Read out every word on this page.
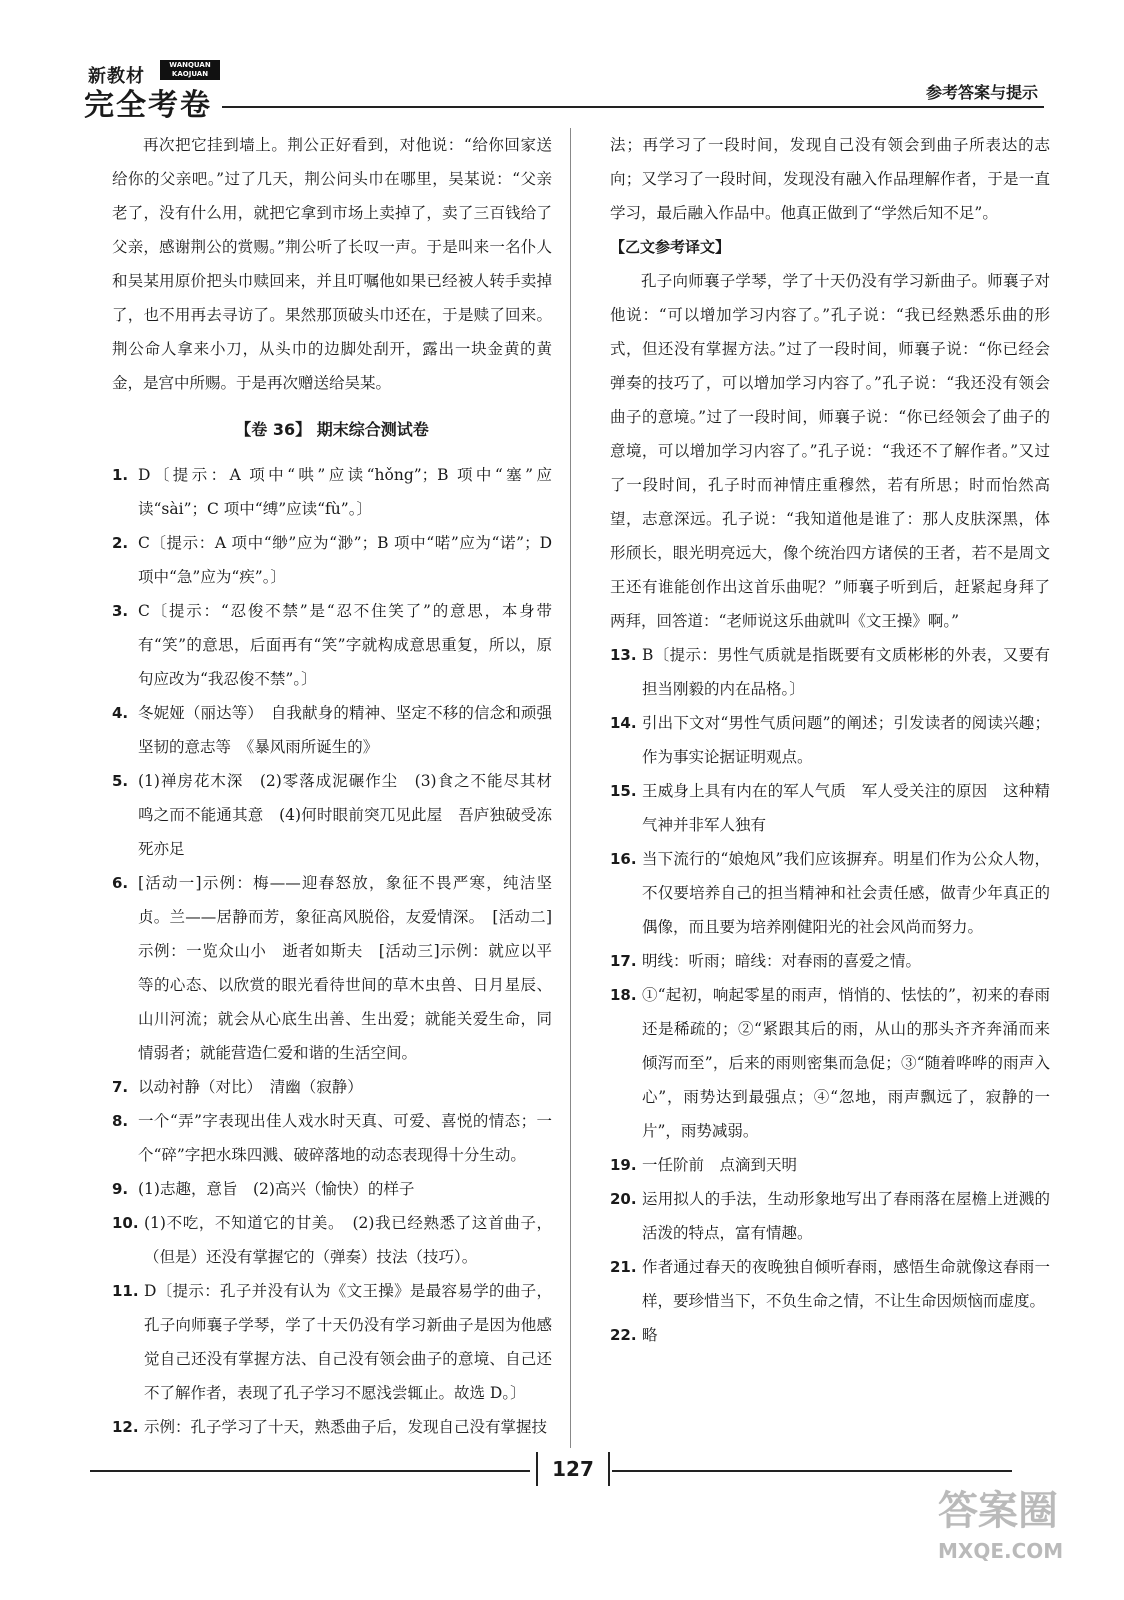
新教材
WANQUAN
KAOJUAN
完全考卷	参考答案与提示

再次把它挂到墙上。荆公正好看到，对他说：“给你回家送给你的父亲吧。”过了几天，荆公问头巾在哪里，吴某说：“父亲老了，没有什么用，就把它拿到市场上卖掉了，卖了三百钱给了父亲，感谢荆公的赏赐。”荆公听了长叹一声。于是叫来一名仆人和吴某用原价把头巾赎回来，并且叮嘱他如果已经被人转手卖掉了，也不用再去寻访了。果然那顶破头巾还在，于是赎了回来。荆公命人拿来小刀，从头巾的边脚处刮开，露出一块金黄的黄金，是宫中所赐。于是再次赠送给吴某。

【卷 36】 期末综合测试卷
1. D〔提示：A 项中“哄”应读“hǒng”；B 项中“塞”应读“sài”；C 项中“缚”应读“fù”。〕
2. C〔提示：A 项中“缈”应为“渺”；B 项中“喏”应为“诺”；D 项中“急”应为“疾”。〕
3. C〔提示：“忍俊不禁”是“忍不住笑了”的意思，本身带有“笑”的意思，后面再有“笑”字就构成意思重复，所以，原句应改为“我忍俊不禁”。〕
4. 冬妮娅（丽达等）　自我献身的精神、坚定不移的信念和顽强坚韧的意志等　《暴风雨所诞生的》
5. (1)禅房花木深　(2)零落成泥碾作尘　(3)食之不能尽其材　鸣之而不能通其意　(4)何时眼前突兀见此屋　吾庐独破受冻死亦足
6. [活动一]示例：梅——迎春怒放，象征不畏严寒，纯洁坚贞。兰——居静而芳，象征高风脱俗，友爱情深。　[活动二]示例：一览众山小　逝者如斯夫　[活动三]示例：就应以平等的心态、以欣赏的眼光看待世间的草木虫兽、日月星辰、山川河流；就会从心底生出善、生出爱；就能关爱生命，同情弱者；就能营造仁爱和谐的生活空间。
7. 以动衬静（对比）　清幽（寂静）
8. 一个“弄”字表现出佳人戏水时天真、可爱、喜悦的情态；一个“碎”字把水珠四溅、破碎落地的动态表现得十分生动。
9. (1)志趣，意旨　(2)高兴（愉快）的样子
10. (1)不吃，不知道它的甘美。　(2)我已经熟悉了这首曲子，（但是）还没有掌握它的（弹奏）技法（技巧）。
11. D〔提示：孔子并没有认为《文王操》是最容易学的曲子，孔子向师襄子学琴，学了十天仍没有学习新曲子是因为他感觉自己还没有掌握方法、自己没有领会曲子的意境、自己还不了解作者，表现了孔子学习不愿浅尝辄止。故选 D。〕
12. 示例：孔子学习了十天，熟悉曲子后，发现自己没有掌握技

法；再学习了一段时间，发现自己没有领会到曲子所表达的志向；又学习了一段时间，发现没有融入作品理解作者，于是一直学习，最后融入作品中。他真正做到了“学然后知不足”。

【乙文参考译文】

孔子向师襄子学琴，学了十天仍没有学习新曲子。师襄子对他说：“可以增加学习内容了。”孔子说：“我已经熟悉乐曲的形式，但还没有掌握方法。”过了一段时间，师襄子说：“你已经会弹奏的技巧了，可以增加学习内容了。”孔子说：“我还没有领会曲子的意境。”过了一段时间，师襄子说：“你已经领会了曲子的意境，可以增加学习内容了。”孔子说：“我还不了解作者。”又过了一段时间，孔子时而神情庄重穆然，若有所思；时而怡然高望，志意深远。孔子说：“我知道他是谁了：那人皮肤深黑，体形颀长，眼光明亮远大，像个统治四方诸侯的王者，若不是周文王还有谁能创作出这首乐曲呢？”师襄子听到后，赶紧起身拜了两拜，回答道：“老师说这乐曲就叫《文王操》啊。”

13. B〔提示：男性气质就是指既要有文质彬彬的外表，又要有担当刚毅的内在品格。〕
14. 引出下文对“男性气质问题”的阐述；引发读者的阅读兴趣；作为事实论据证明观点。
15. 王威身上具有内在的军人气质　军人受关注的原因　这种精气神并非军人独有
16. 当下流行的“娘炮风”我们应该摒弃。明星们作为公众人物，不仅要培养自己的担当精神和社会责任感，做青少年真正的偶像，而且要为培养刚健阳光的社会风尚而努力。
17. 明线：听雨；暗线：对春雨的喜爱之情。
18. ①“起初，响起零星的雨声，悄悄的、怯怯的”，初来的春雨还是稀疏的；②“紧跟其后的雨，从山的那头齐齐奔涌而来倾泻而至”，后来的雨则密集而急促；③“随着哗哗的雨声入心”，雨势达到最强点；④“忽地，雨声飘远了，寂静的一片”，雨势减弱。
19. 一任阶前　点滴到天明
20. 运用拟人的手法，生动形象地写出了春雨落在屋檐上迸溅的活泼的特点，富有情趣。
21. 作者通过春天的夜晚独自倾听春雨，感悟生命就像这春雨一样，要珍惜当下，不负生命之情，不让生命因烦恼而虚度。
22. 略
127
答案圈
MXQE.COM
